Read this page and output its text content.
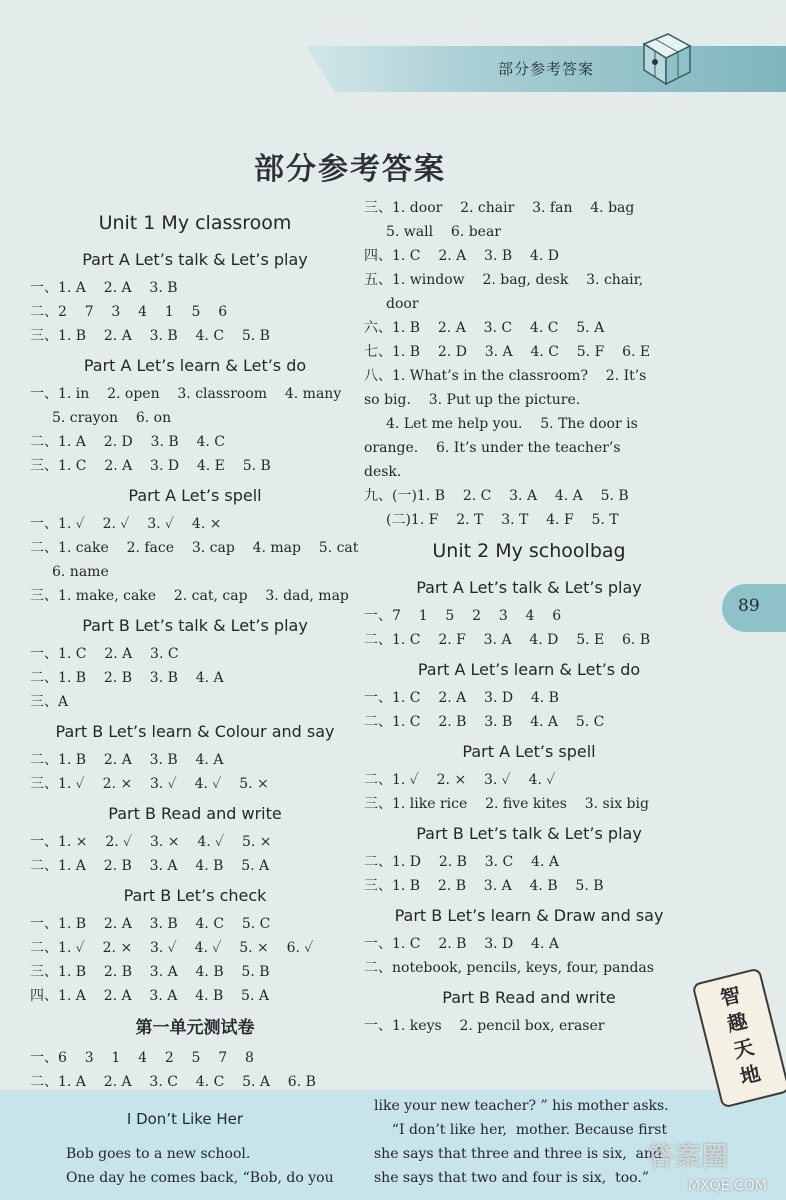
部分参考答案
部分参考答案
Unit 1 My classroom
Part A Let’s talk & Let’s play
一、1. A    2. A    3. B
二、2    7    3    4    1    5    6
三、1. B    2. A    3. B    4. C    5. B
Part A Let’s learn & Let’s do
一、1. in    2. open    3. classroom    4. many
5. crayon    6. on
二、1. A    2. D    3. B    4. C
三、1. C    2. A    3. D    4. E    5. B
Part A Let’s spell
一、1. ✓    2. ✓    3. ✓    4. ×
二、1. cake    2. face    3. cap    4. map    5. cat
6. name
三、1. make, cake    2. cat, cap    3. dad, map
Part B Let’s talk & Let’s play
一、1. C    2. A    3. C
二、1. B    2. B    3. B    4. A
三、A
Part B Let’s learn & Colour and say
二、1. B    2. A    3. B    4. A
三、1. ✓    2. ×    3. ✓    4. ✓    5. ×
Part B Read and write
一、1. ×    2. ✓    3. ×    4. ✓    5. ×
二、1. A    2. B    3. A    4. B    5. A
Part B Let’s check
一、1. B    2. A    3. B    4. C    5. C
二、1. ✓    2. ×    3. ✓    4. ✓    5. ×    6. ✓
三、1. B    2. B    3. A    4. B    5. B
四、1. A    2. A    3. A    4. B    5. A
第一单元测试卷
一、6    3    1    4    2    5    7    8
二、1. A    2. A    3. C    4. C    5. A    6. B
三、1. door    2. chair    3. fan    4. bag
5. wall    6. bear
四、1. C    2. A    3. B    4. D
五、1. window    2. bag, desk    3. chair,
door
六、1. B    2. A    3. C    4. C    5. A
七、1. B    2. D    3. A    4. C    5. F    6. E
八、1. What’s in the classroom?    2. It’s
so big.    3. Put up the picture.
4. Let me help you.    5. The door is
orange.    6. It’s under the teacher’s
desk.
九、(一)1. B    2. C    3. A    4. A    5. B
(二)1. F    2. T    3. T    4. F    5. T
Unit 2 My schoolbag
Part A Let’s talk & Let’s play
一、7    1    5    2    3    4    6
二、1. C    2. F    3. A    4. D    5. E    6. B
Part A Let’s learn & Let’s do
一、1. C    2. A    3. D    4. B
二、1. C    2. B    3. B    4. A    5. C
Part A Let’s spell
二、1. ✓    2. ×    3. ✓    4. ✓
三、1. like rice    2. five kites    3. six big
Part B Let’s talk & Let’s play
二、1. D    2. B    3. C    4. A
三、1. B    2. B    3. A    4. B    5. B
Part B Let’s learn & Draw and say
一、1. C    2. B    3. D    4. A
二、notebook, pencils, keys, four, pandas
Part B Read and write
一、1. keys    2. pencil box, eraser
89
I Don’t Like Her
Bob goes to a new school.
One day he comes back, “Bob, do you
like your new teacher? ” his mother asks.
“I don’t like her,  mother. Because first
she says that three and three is six,  and
she says that two and four is six,  too.”
智
趣
天
地
答案圈
MXQE.COM
